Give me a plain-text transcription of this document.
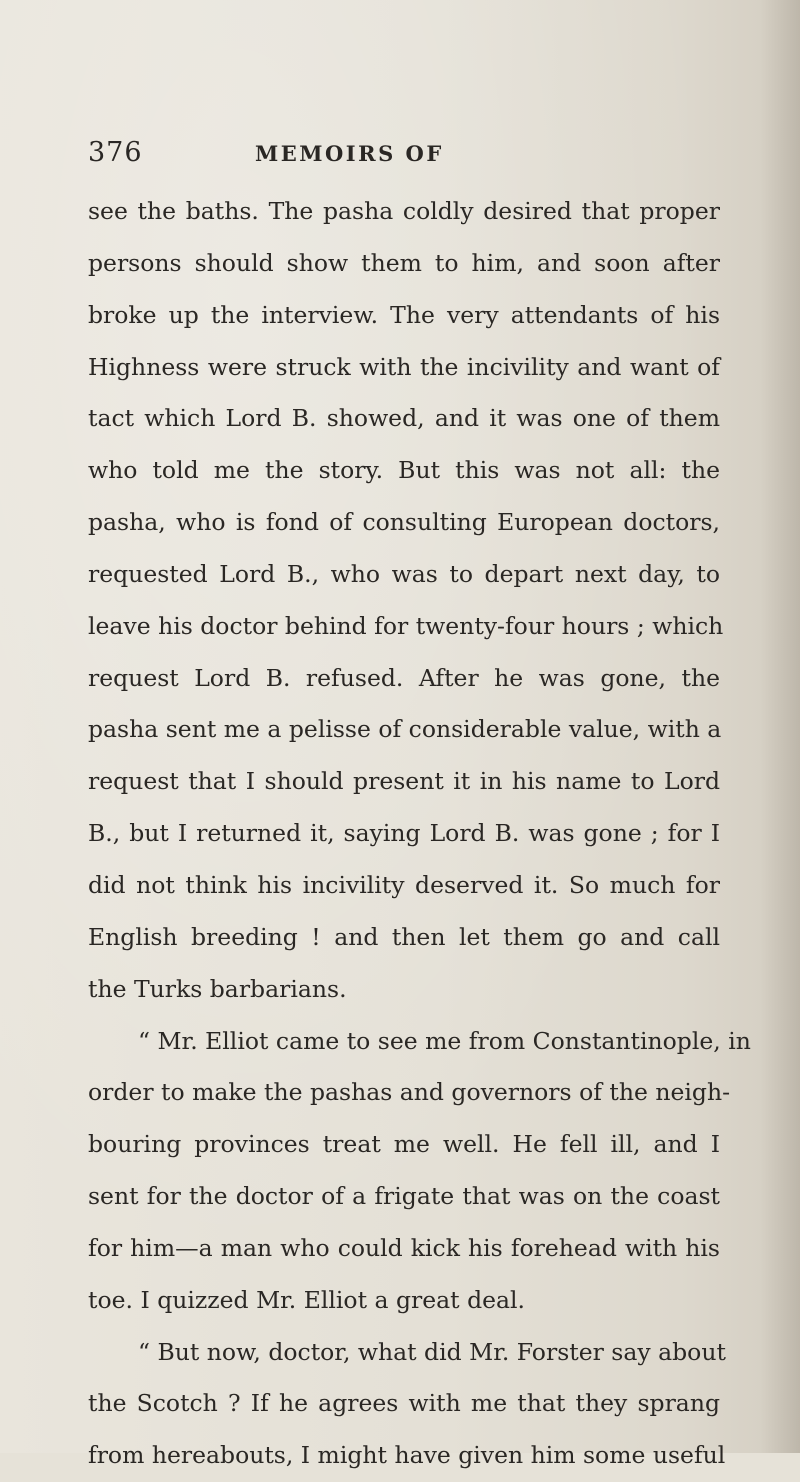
376	MEMOIRS OF
see the baths. The pasha coldly desired that proper
persons should show them to him, and soon after
broke up the interview. The very attendants of his
Highness were struck with the incivility and want of
tact which Lord B. showed, and it was one of them
who told me the story. But this was not all: the
pasha, who is fond of consulting European doctors,
requested Lord B., who was to depart next day, to
leave his doctor behind for twenty-four hours ; which
request Lord B. refused. After he was gone, the
pasha sent me a pelisse of considerable value, with a
request that I should present it in his name to Lord
B., but I returned it, saying Lord B. was gone ; for I
did not think his incivility deserved it. So much for
English breeding ! and then let them go and call
the Turks barbarians.
“ Mr. Elliot came to see me from Constantinople, in
order to make the pashas and governors of the neigh-
bouring provinces treat me well. He fell ill, and I
sent for the doctor of a frigate that was on the coast
for him—a man who could kick his forehead with his
toe. I quizzed Mr. Elliot a great deal.
“ But now, doctor, what did Mr. Forster say about
the Scotch ? If he agrees with me that they sprang
from hereabouts, I might have given him some useful
